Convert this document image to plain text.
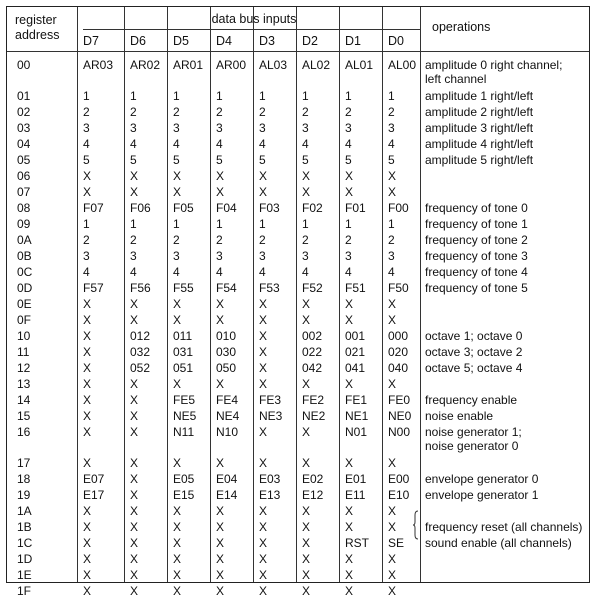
register
address
data bus inputs
operations
D7 D6 D5 D4 D3 D2 D1 D0
00	AR03 AR02 AR01 AR00 AL03 AL02 AL01 AL00 amplitude 0 right channel;
left channel
01	1	1	1	1	1	1	1	1	amplitude 1 right/left
02	2	2	2	2	2	2	2	2	amplitude 2 right/left
03	3	3	3	3	3	3	3	3	amplitude 3 right/left
04	4	4	4	4	4	4	4	4	amplitude 4 right/left
05	5	5	5	5	5	5	5	5	amplitude 5 right/left
06	X	X	X	X	X	X	X	X
07	X	X	X	X	X	X	X	X
08	F07 F06 F05 F04 F03 F02 F01 F00 frequency of tone 0
09	1	1	1	1	1	1	1	1	frequency of tone 1
0A	2	2	2	2	2	2	2	2	frequency of tone 2
0B	3	3	3	3	3	3	3	3	frequency of tone 3
0C	4	4	4	4	4	4	4	4	frequency of tone 4
0D	F57 F56 F55 F54 F53 F52 F51 F50 frequency of tone 5
0E	X	X	X	X	X	X	X	X
0F	X	X	X	X	X	X	X	X
10	X	012 011 010 X	002 001 000 octave 1; octave 0
11	X	032 031 030 X	022 021 020 octave 3; octave 2
12	X	052 051 050 X	042 041 040 octave 5; octave 4
13	X	X	X	X	X	X	X	X
14	X	X	FE5 FE4 FE3 FE2 FE1 FE0 frequency enable
15	X	X	NE5 NE4 NE3 NE2 NE1 NE0 noise enable
16	X	X	N11 N10 X	X	N01 N00 noise generator 1;
noise generator 0
17	X	X	X	X	X	X	X	X
18	E07 X	E05 E04 E03 E02 E01 E00 envelope generator 0
19	E17 X	E15 E14 E13 E12 E11 E10 envelope generator 1
1A	X	X	X	X	X	X	X	X
1B	X	X	X	X	X	X	X	X frequency reset (all channels)
1C	X	X	X	X	X	X	RST SE sound enable (all channels)
1D	X	X	X	X	X	X	X	X
1E	X	X	X	X	X	X	X	X
1F	X	X	X	X	X	X	X	X
